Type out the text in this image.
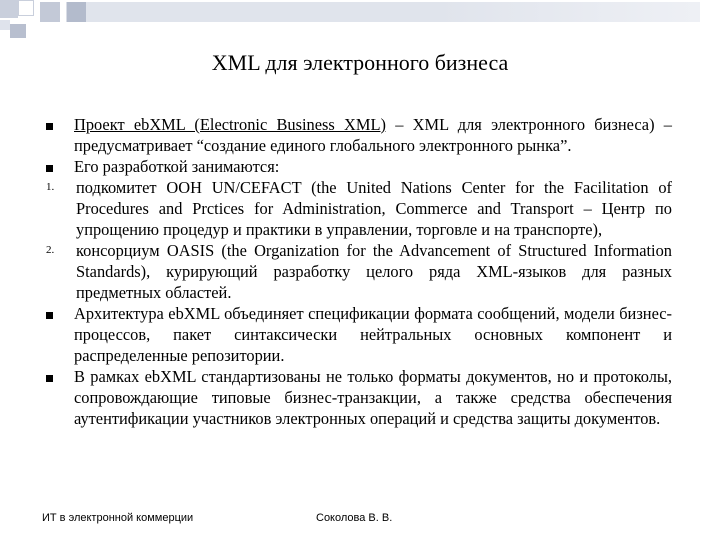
XML для электронного бизнеса
Проект ebXML (Electronic Business XML) – XML для электронного бизнеса) – предусматривает “создание единого глобального электронного рынка”.
Его разработкой занимаются:
1.	подкомитет ООН UN/CEFACT (the United Nations Center for the Facilitation of Procedures and Prctices for Administration, Commerce and Transport – Центр по упрощению процедур и практики в управлении, торговле и на транспорте),
2.	консорциум OASIS (the Organization for the Advancement of Structured Information Standards), курирующий разработку целого ряда XML-языков для разных предметных областей.
Архитектура ebXML объединяет спецификации формата сообщений, модели бизнес-процессов, пакет синтаксически нейтральных основных компонент и распределенные репозитории.
В рамках ebXML стандартизованы не только форматы документов, но и протоколы, сопровождающие типовые бизнес-транзакции, а также средства обеспечения аутентификации участников электронных операций и средства защиты документов.
ИТ в электронной коммерции	Соколова В. В.
